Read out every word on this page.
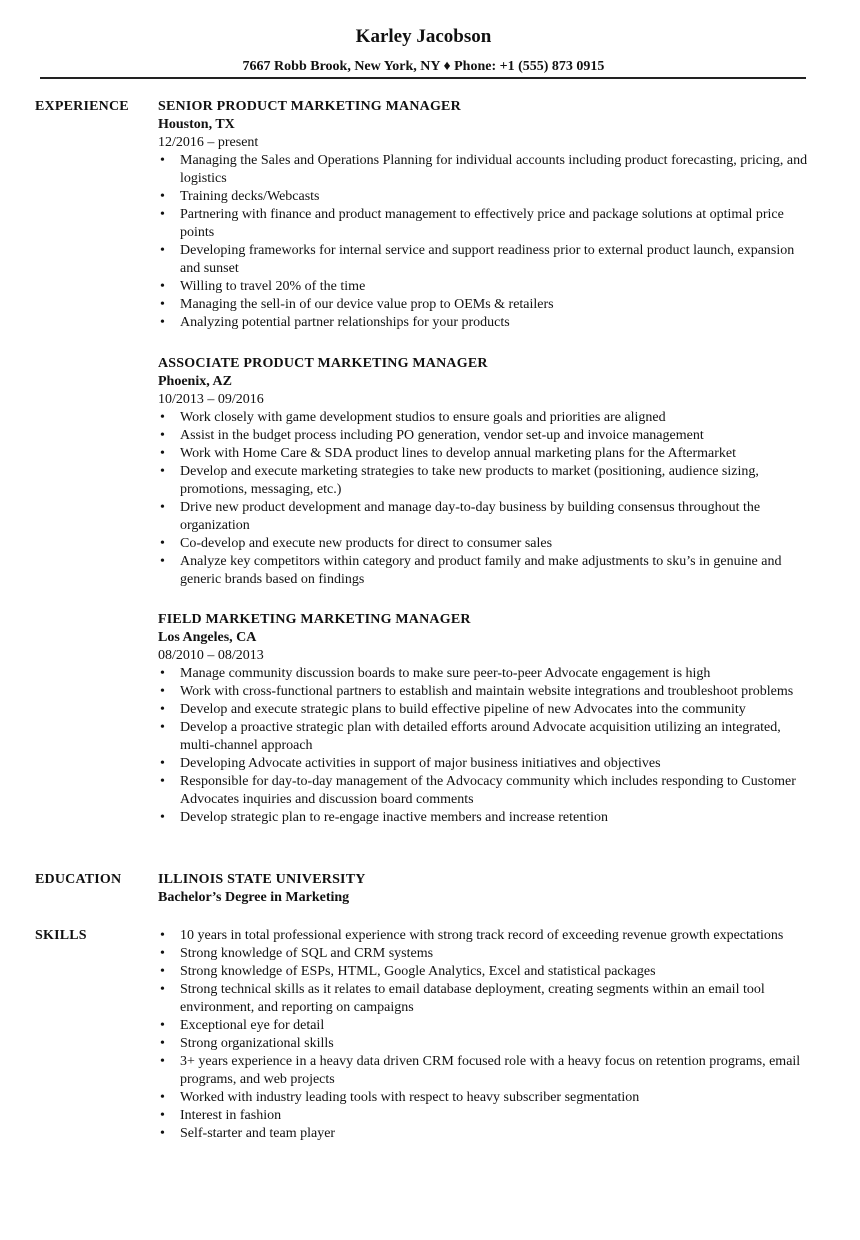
Karley Jacobson
7667 Robb Brook, New York, NY ♦ Phone: +1 (555) 873 0915
EXPERIENCE SENIOR PRODUCT MARKETING MANAGER
Houston, TX
12/2016 – present
• Managing the Sales and Operations Planning for individual accounts including product forecasting, pricing, and logistics
• Training decks/Webcasts
• Partnering with finance and product management to effectively price and package solutions at optimal price points
• Developing frameworks for internal service and support readiness prior to external product launch, expansion and sunset
• Willing to travel 20% of the time
• Managing the sell-in of our device value prop to OEMs & retailers
• Analyzing potential partner relationships for your products
ASSOCIATE PRODUCT MARKETING MANAGER
Phoenix, AZ
10/2013 – 09/2016
• Work closely with game development studios to ensure goals and priorities are aligned
• Assist in the budget process including PO generation, vendor set-up and invoice management
• Work with Home Care & SDA product lines to develop annual marketing plans for the Aftermarket
• Develop and execute marketing strategies to take new products to market (positioning, audience sizing, promotions, messaging, etc.)
• Drive new product development and manage day-to-day business by building consensus throughout the organization
• Co-develop and execute new products for direct to consumer sales
• Analyze key competitors within category and product family and make adjustments to sku’s in genuine and generic brands based on findings
FIELD MARKETING MARKETING MANAGER
Los Angeles, CA
08/2010 – 08/2013
• Manage community discussion boards to make sure peer-to-peer Advocate engagement is high
• Work with cross-functional partners to establish and maintain website integrations and troubleshoot problems
• Develop and execute strategic plans to build effective pipeline of new Advocates into the community
• Develop a proactive strategic plan with detailed efforts around Advocate acquisition utilizing an integrated, multi-channel approach
• Developing Advocate activities in support of major business initiatives and objectives
• Responsible for day-to-day management of the Advocacy community which includes responding to Customer Advocates inquiries and discussion board comments
• Develop strategic plan to re-engage inactive members and increase retention
EDUCATION	ILLINOIS STATE UNIVERSITY
Bachelor’s Degree in Marketing
SKILLS	• 10 years in total professional experience with strong track record of exceeding revenue growth expectations
• Strong knowledge of SQL and CRM systems
• Strong knowledge of ESPs, HTML, Google Analytics, Excel and statistical packages
• Strong technical skills as it relates to email database deployment, creating segments within an email tool environment, and reporting on campaigns
• Exceptional eye for detail
• Strong organizational skills
• 3+ years experience in a heavy data driven CRM focused role with a heavy focus on retention programs, email programs, and web projects
• Worked with industry leading tools with respect to heavy subscriber segmentation
• Interest in fashion
• Self-starter and team player
